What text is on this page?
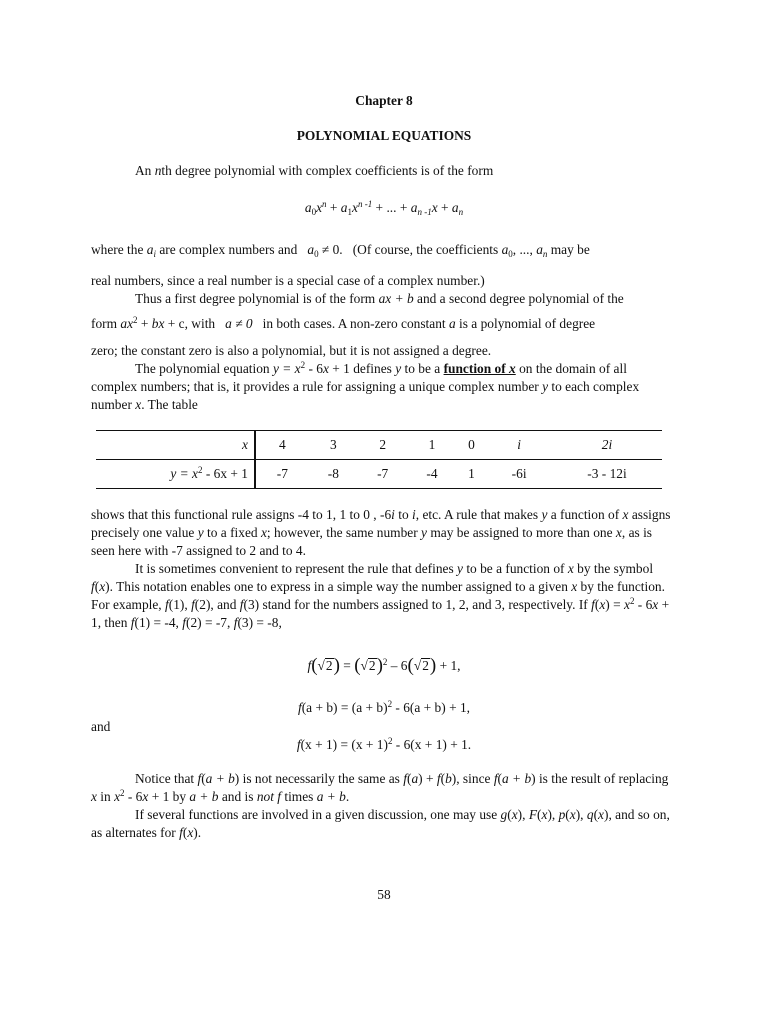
Chapter 8
POLYNOMIAL EQUATIONS
An nth degree polynomial with complex coefficients is of the form
$a_0x^n + a_1x^{n -1}$ + ... + $a_{n -1}x + a_n$
where the $a_i$ are complex numbers and   $a_0 \ne 0$. (Of course, the coefficients $a_0$, ..., $a_n$ may be
real numbers, since a real number is a special case of a complex number.)
Thus a first degree polynomial is of the form ax + b and a second degree polynomial of the
form $ax^2$ + bx + c, with a ≠ 0 in both cases. A non-zero constant a is a polynomial of degree
zero; the constant zero is also a polynomial, but it is not assigned a degree.
The polynomial equation $y = x^2 - 6x + 1$ defines y to be a function of x on the domain of all complex numbers; that is, it provides a rule for assigning a unique complex number y to each complex number x. The table
x	4	3	2	1	0	i	2i
$y = x^2 - 6x + 1$	-7	-8	-7	-4	1	-6i	-3 - 12i
shows that this functional rule assigns -4 to 1, 1 to 0 , -6i to i, etc. A rule that makes y a function of x assigns precisely one value y to a fixed x; however, the same number y may be assigned to more than one x, as is seen here with -7 assigned to 2 and to 4.
It is sometimes convenient to represent the rule that defines y to be a function of x by the symbol f(x). This notation enables one to express in a simple way the number assigned to a given x by the function. For example, f(1), f(2), and f(3) stand for the numbers assigned to 1, 2, and 3, respectively. If $f(x) = x^2 - 6x + 1$, then f(1) = -4, f(2) = -7, f(3) = -8,
$f(√2) = (√2)^2 - 6(√2) + 1$,
$f(a + b) = (a + b)^2 - 6(a + b) + 1$,
and
$f(x + 1) = (x + 1)^2 - 6(x + 1) + 1$.
Notice that f(a + b) is not necessarily the same as f(a) + f(b), since f(a + b) is the result of replacing x in $x^2 - 6x + 1$ by a + b and is not f times a + b.
If several functions are involved in a given discussion, one may use g(x), F(x), p(x), q(x), and so on, as alternates for f(x).
58
